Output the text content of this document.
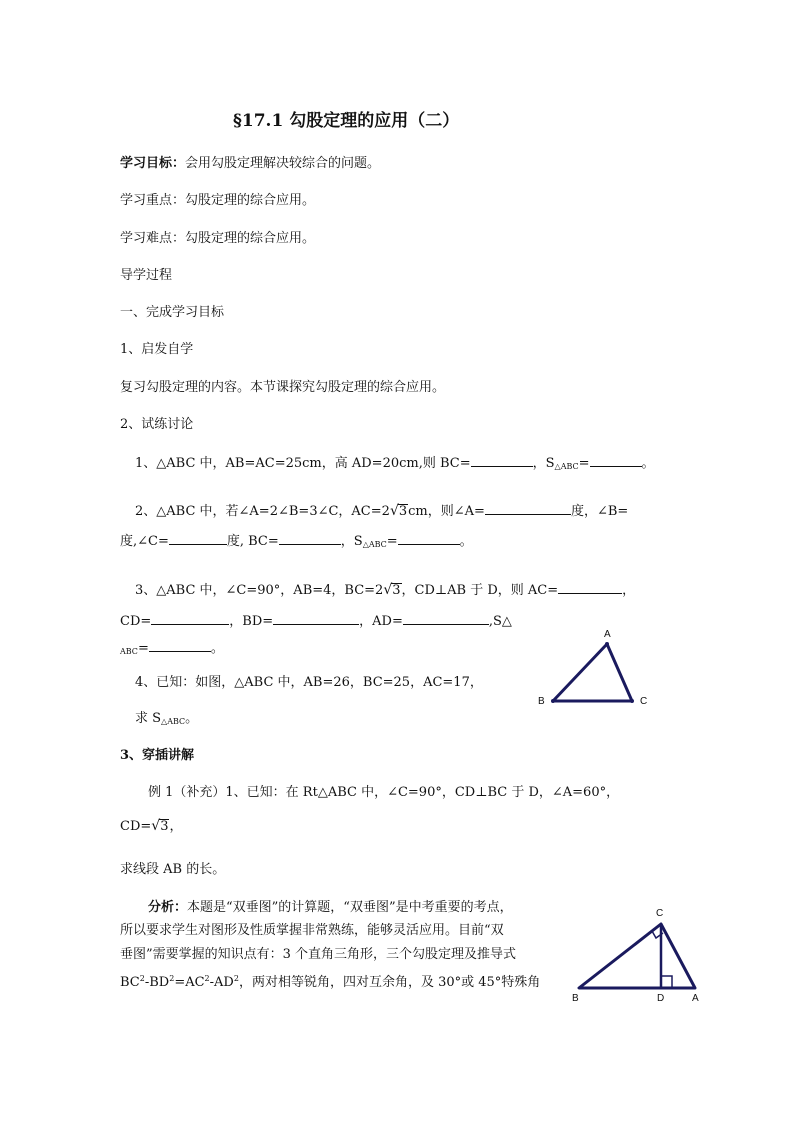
§17.1 勾股定理的应用（二）
学习目标：会用勾股定理解决较综合的问题。
学习重点：勾股定理的综合应用。
学习难点：勾股定理的综合应用。
导学过程
一、完成学习目标
1、启发自学
复习勾股定理的内容。本节课探究勾股定理的综合应用。
2、试练讨论
1、△ABC 中，AB=AC=25cm，高 AD=20cm,则 BC=	，$S_{\triangle ABC}=$	。
2、△ABC 中，若∠A=2∠B=3∠C，AC=2√3cm，则∠A=	度，∠B=
度,∠C=	度, BC=	，$S_{\triangle ABC}=$	。
3、△ABC 中，∠C=90°，AB=4，BC=2√3，CD⊥AB 于 D，则 AC=	，
CD=	，BD=	，AD=	,S△
$_{ABC}$=	。
4、已知：如图，△ABC 中，AB=26，BC=25，AC=17，
求 $S_{\triangle ABC}$。
A
B	C
3、穿插讲解
例 1（补充）1、已知：在 Rt△ABC 中，∠C=90°，CD⊥BC 于 D，∠A=60°，
CD=√3，
求线段 AB 的长。
分析：本题是“双垂图”的计算题，“双垂图”是中考重要的考点，
所以要求学生对图形及性质掌握非常熟练，能够灵活应用。目前“双
垂图”需要掌握的知识点有：3 个直角三角形，三个勾股定理及推导式
$BC^2-BD^2=AC^2-AD^2$，两对相等锐角，四对互余角，及 30°或 45°特殊角
C
B	D	A
